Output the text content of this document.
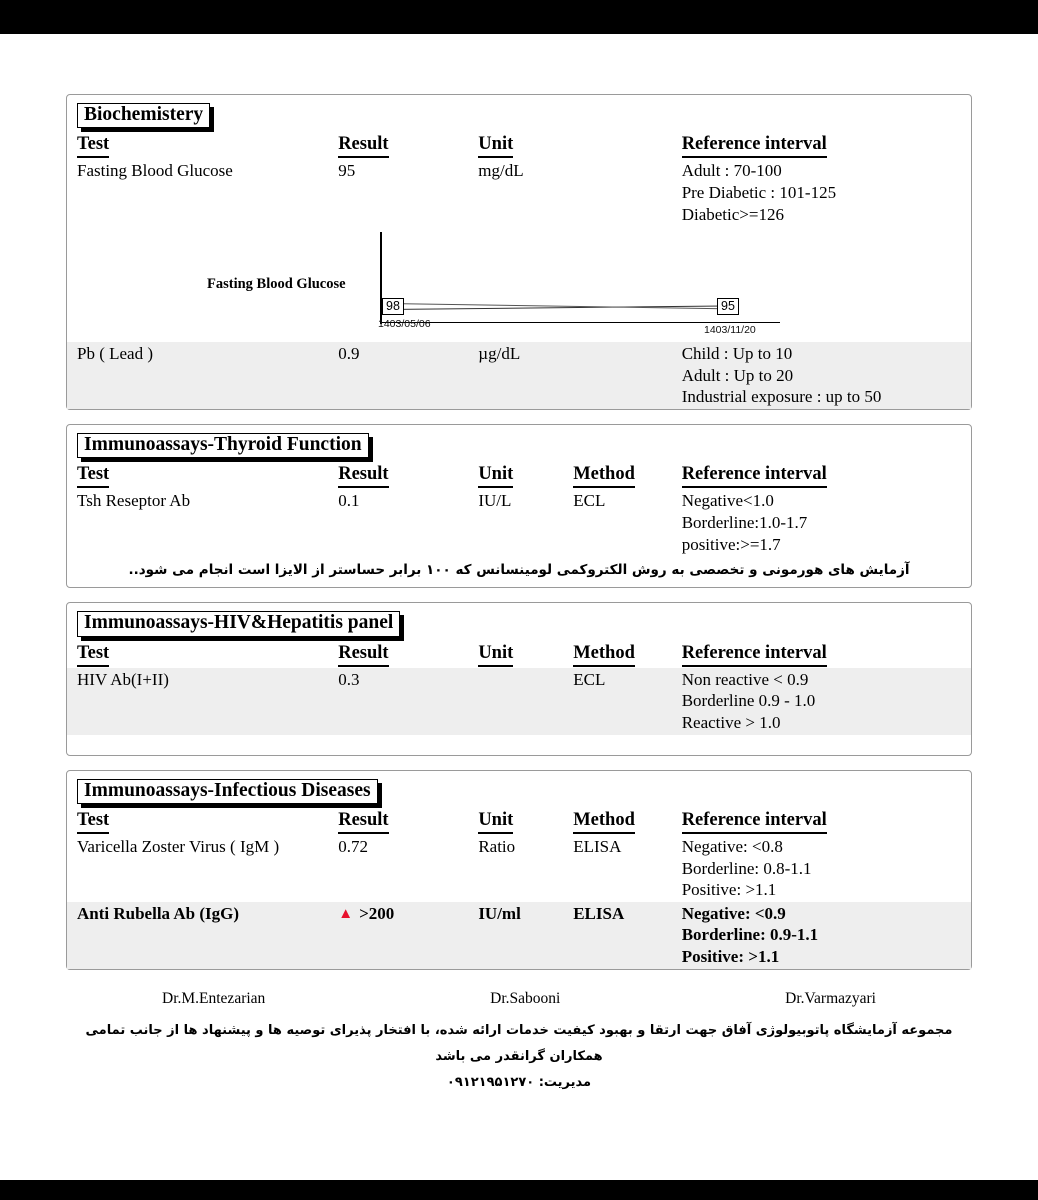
Biochemistery
Test	Result	Unit	Reference interval
Fasting Blood Glucose	95	mg/dL	Adult : 70-100
Pre Diabetic : 101-125
Diabetic>=126
Fasting Blood Glucose
98
1403/05/06
95
1403/11/20
Pb ( Lead )	0.9	µg/dL	Child : Up to 10
Adult : Up to 20
Industrial exposure : up to 50
Immunoassays-Thyroid Function
Test	Result	Unit	Method	Reference interval
Tsh Reseptor Ab	0.1	IU/L	ECL	Negative<1.0
Borderline:1.0-1.7
positive:>=1.7
آزمایش های هورمونی و تخصصی به روش الکتروکمی لومینسانس که ۱۰۰ برابر حساستر از الایزا است انجام می شود..
Immunoassays-HIV&Hepatitis panel
Test	Result	Unit	Method	Reference interval
HIV Ab(I+II)	0.3		ECL	Non reactive < 0.9
Borderline 0.9 - 1.0
Reactive > 1.0

Immunoassays-Infectious Diseases
Test	Result	Unit	Method	Reference interval
Varicella Zoster Virus ( IgM )	0.72	Ratio	ELISA	Negative: <0.8
Borderline: 0.8-1.1
Positive: >1.1

Anti Rubella Ab (IgG)	▲ >200	IU/ml	ELISA	Negative: <0.9
Borderline: 0.9-1.1
Positive: >1.1
Dr.M.Entezarian	Dr.Sabooni	Dr.Varmazyari
مجموعه آزمایشگاه پاتوبیولوژی آفاق جهت ارتقا و بهبود کیفیت خدمات ارائه شده، با افتخار پذیرای توصیه ها و پیشنهاد ها از جانب تمامی همکاران گرانقدر می باشد
مدیریت: ۰۹۱۲۱۹۵۱۲۷۰
